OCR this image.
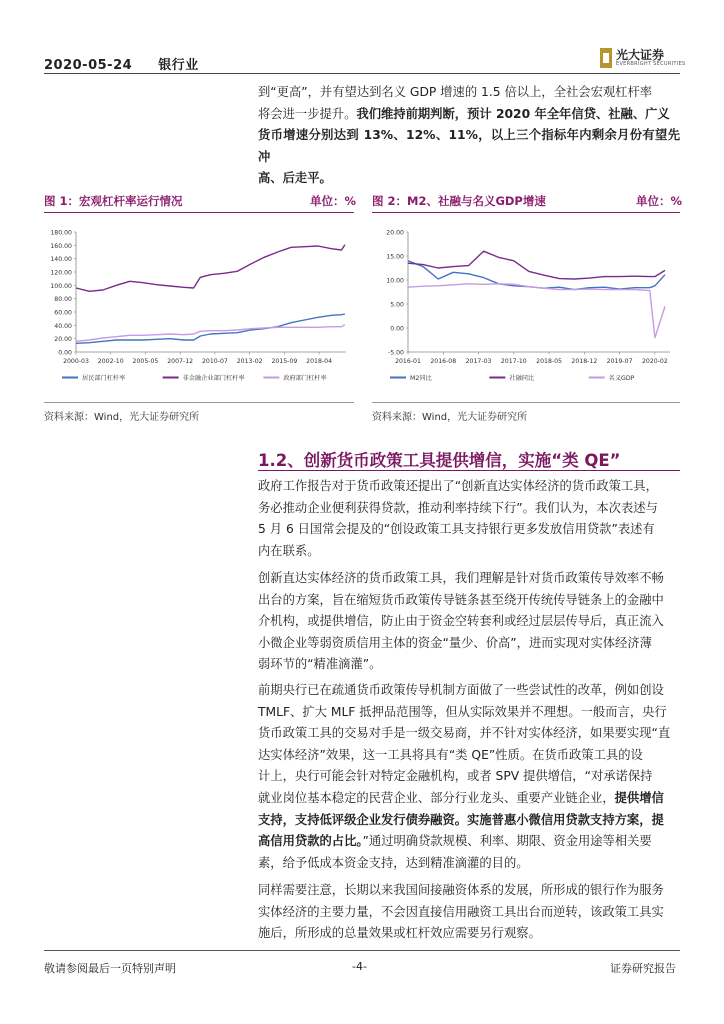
2020-05-24 银行业
光大证券
EVERBRIGHT SECURITIES
到“更高”，并有望达到名义 GDP 增速的 1.5 倍以上，全社会宏观杠杆率
将会进一步提升。我们维持前期判断，预计 2020 年全年信贷、社融、广义
货币增速分别达到 13%、12%、11%，以上三个指标年内剩余月份有望先冲
高、后走平。
图 1：宏观杠杆率运行情况	单位：%
0.00
20.00
40.00
60.00
80.00
100.00
120.00
140.00
160.00
180.00
2000-03 2002-10 2005-05 2007-12 2010-07 2013-02 2015-09 2018-04
居民部门杠杆率	非金融企业部门杠杆率	政府部门杠杆率
资料来源：Wind，光大证券研究所
图 2：M2、社融与名义GDP增速	单位：%
-5.00
0.00
5.00
10.00
15.00
20.00
2016-01 2016-08 2017-03 2017-10 2018-05 2018-12 2019-07 2020-02
M2同比	社融同比	名义GDP
资料来源：Wind，光大证券研究所
1.2、创新货币政策工具提供增信，实施“类 QE”
政府工作报告对于货币政策还提出了“创新直达实体经济的货币政策工具，
务必推动企业便利获得贷款，推动利率持续下行”。我们认为，本次表述与
5 月 6 日国常会提及的“创设政策工具支持银行更多发放信用贷款”表述有
内在联系。
创新直达实体经济的货币政策工具，我们理解是针对货币政策传导效率不畅
出台的方案，旨在缩短货币政策传导链条甚至绕开传统传导链条上的金融中
介机构，或提供增信，防止由于资金空转套利或经过层层传导后，真正流入
小微企业等弱资质信用主体的资金“量少、价高”，进而实现对实体经济薄
弱环节的“精准滴灌”。
前期央行已在疏通货币政策传导机制方面做了一些尝试性的改革，例如创设
TMLF、扩大 MLF 抵押品范围等，但从实际效果并不理想。一般而言，央行
货币政策工具的交易对手是一级交易商，并不针对实体经济，如果要实现“直
达实体经济”效果，这一工具将具有“类 QE”性质。在货币政策工具的设
计上，央行可能会针对特定金融机构，或者 SPV 提供增信，“对承诺保持
就业岗位基本稳定的民营企业、部分行业龙头、重要产业链企业，提供增信
支持，支持低评级企业发行债券融资。实施普惠小微信用贷款支持方案，提
高信用贷款的占比。”通过明确贷款规模、利率、期限、资金用途等相关要
素，给予低成本资金支持，达到精准滴灌的目的。
同样需要注意，长期以来我国间接融资体系的发展，所形成的银行作为服务
实体经济的主要力量，不会因直接信用融资工具出台而逆转，该政策工具实
施后，所形成的总量效果或杠杆效应需要另行观察。
敬请参阅最后一页特别声明	-4-	证券研究报告
